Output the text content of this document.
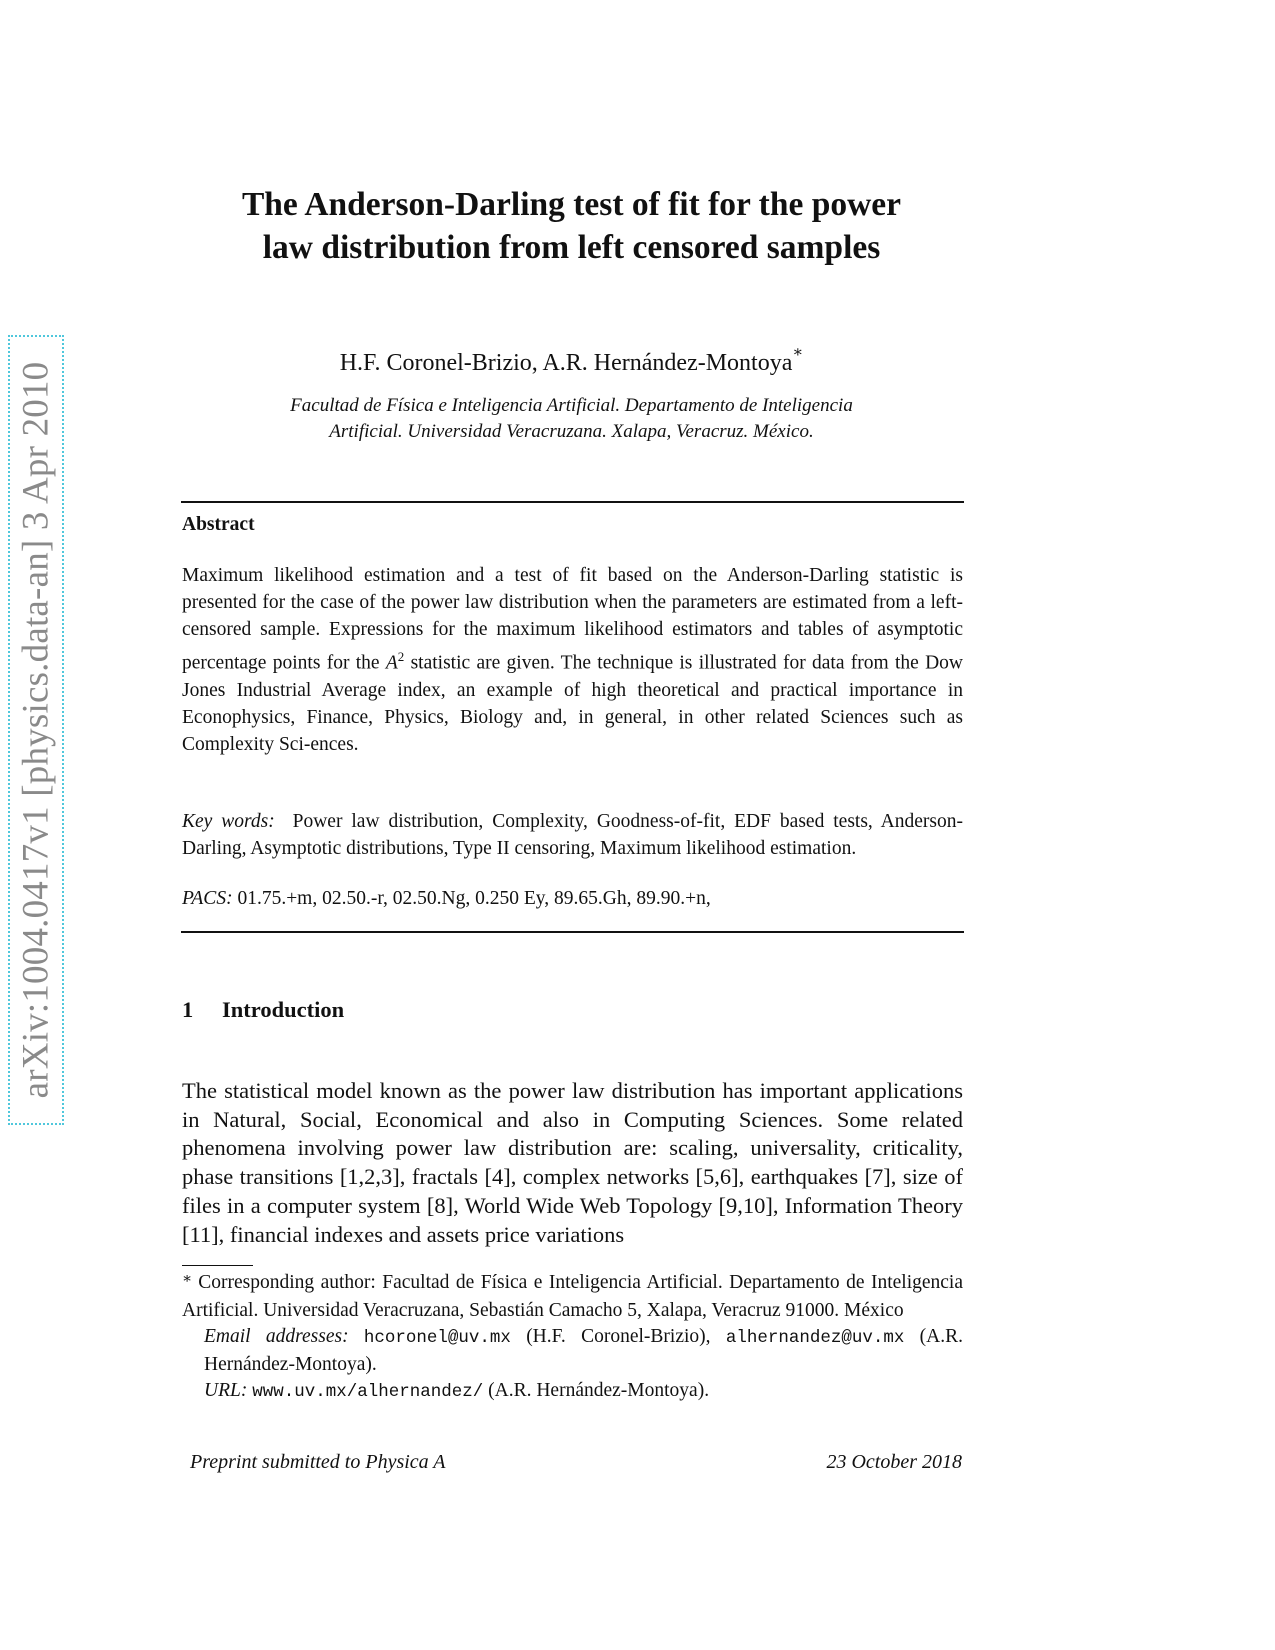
arXiv:1004.0417v1 [physics.data-an] 3 Apr 2010
The Anderson-Darling test of fit for the power
law distribution from left censored samples
H.F. Coronel-Brizio, A.R. Hernández-Montoya∗
Facultad de Física e Inteligencia Artificial. Departamento de Inteligencia
Artificial. Universidad Veracruzana. Xalapa, Veracruz. México.
Abstract
Maximum likelihood estimation and a test of fit based on the Anderson-Darling statistic is presented for the case of the power law distribution when the parameters are estimated from a left-censored sample. Expressions for the maximum likelihood estimators and tables of asymptotic percentage points for the $A^2$ statistic are given. The technique is illustrated for data from the Dow Jones Industrial Average index, an example of high theoretical and practical importance in Econophysics, Finance, Physics, Biology and, in general, in other related Sciences such as Complexity Sci-ences.
Key words: Power law distribution, Complexity, Goodness-of-fit, EDF based tests, Anderson-Darling, Asymptotic distributions, Type II censoring, Maximum likelihood estimation.
PACS: 01.75.+m, 02.50.-r, 02.50.Ng, 0.250 Ey, 89.65.Gh, 89.90.+n,
1 Introduction
The statistical model known as the power law distribution has important applications in Natural, Social, Economical and also in Computing Sciences. Some related phenomena involving power law distribution are: scaling, universality, criticality, phase transitions [1,2,3], fractals [4], complex networks [5,6], earthquakes [7], size of files in a computer system [8], World Wide Web Topology [9,10], Information Theory [11], financial indexes and assets price variations
∗ Corresponding author: Facultad de Física e Inteligencia Artificial. Departamento de Inteligencia Artificial. Universidad Veracruzana, Sebastián Camacho 5, Xalapa, Veracruz 91000. México
Email addresses: hcoronel@uv.mx (H.F. Coronel-Brizio), alhernandez@uv.mx (A.R. Hernández-Montoya).
URL: www.uv.mx/alhernandez/ (A.R. Hernández-Montoya).
Preprint submitted to Physica A	23 October 2018
